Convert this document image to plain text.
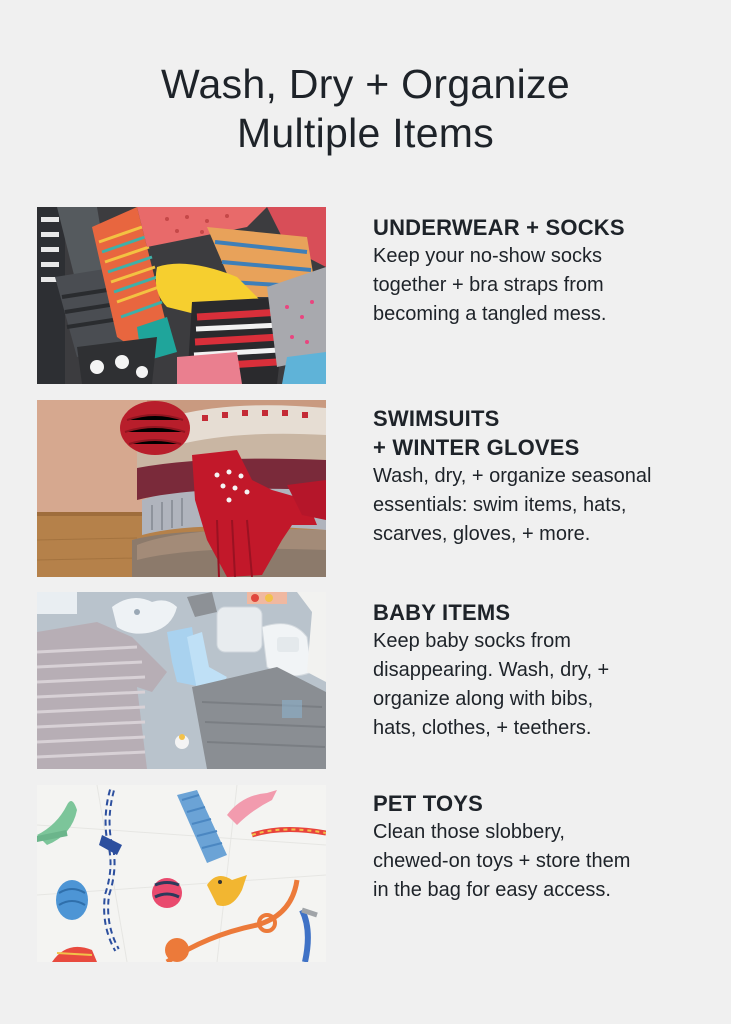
Wash, Dry + Organize
Multiple Items
UNDERWEAR + SOCKS
Keep your no-show socks
together + bra straps from
becoming a tangled mess.
SWIMSUITS
+ WINTER GLOVES
Wash, dry, + organize seasonal
essentials: swim items, hats,
scarves, gloves, + more.
BABY ITEMS
Keep baby socks from
disappearing. Wash, dry, +
organize along with bibs,
hats, clothes, + teethers.
PET TOYS
Clean those slobbery,
chewed-on toys + store them
in the bag for easy access.
